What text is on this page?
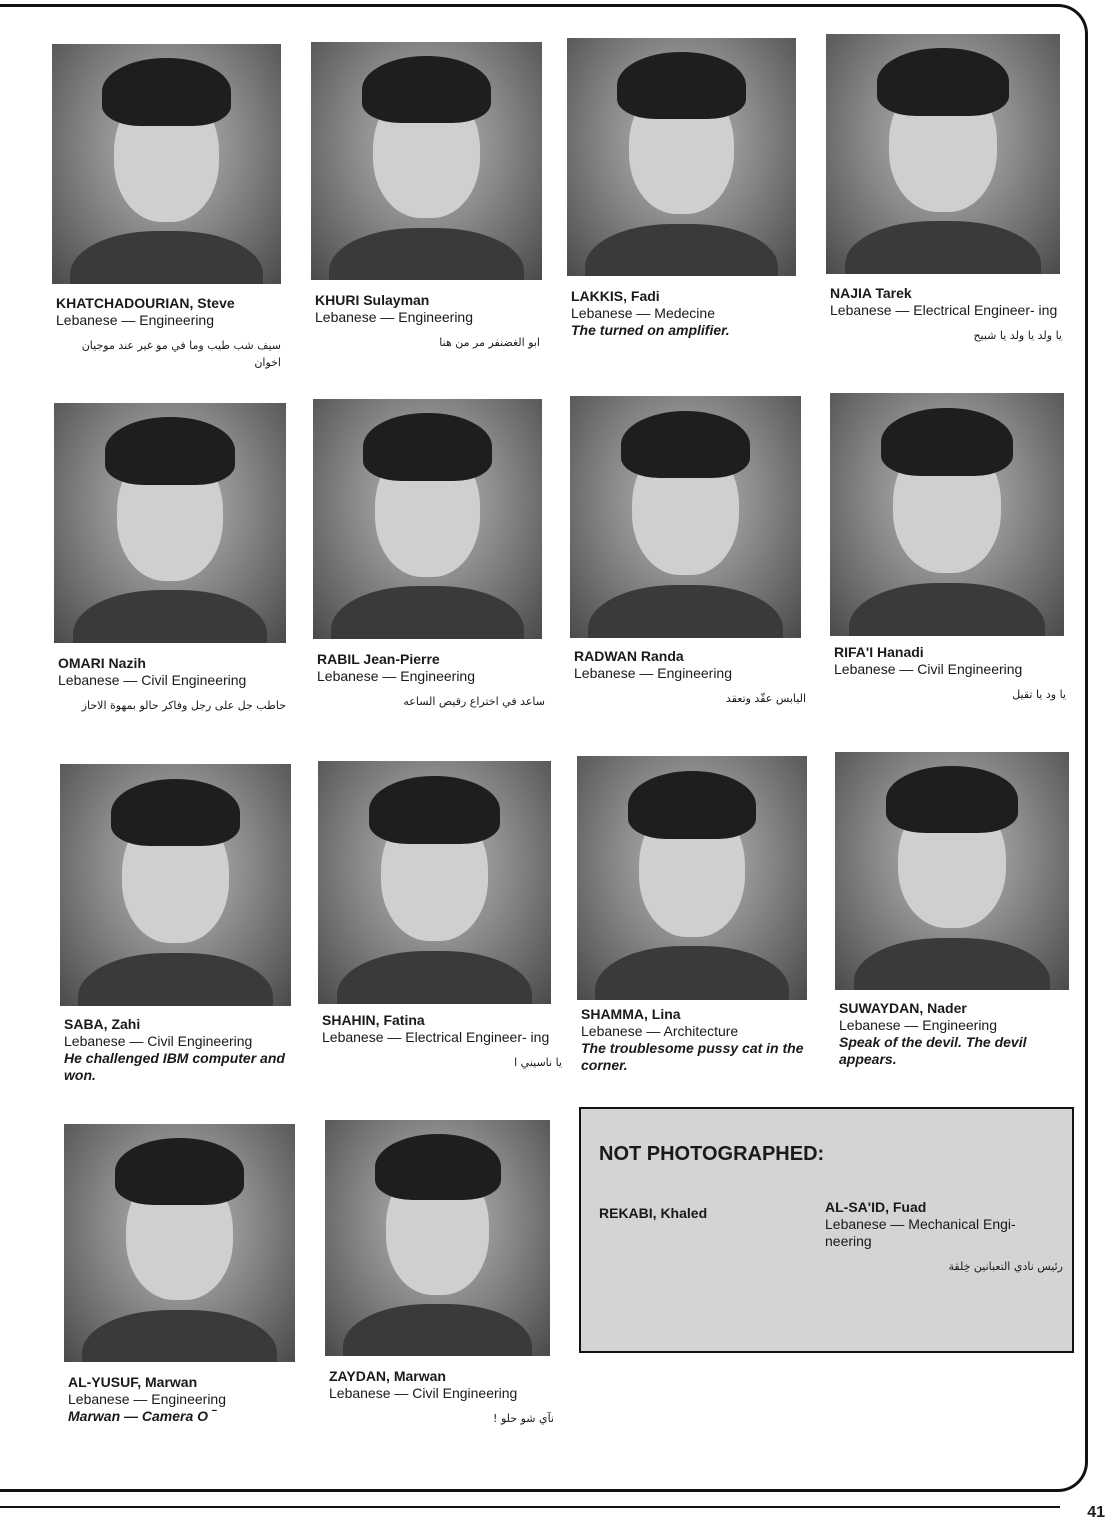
41
KHATCHADOURIAN, Steve
Lebanese — Engineering
سيف شب طيب وما في مو غير عند موجيان اخوان
KHURI Sulayman
Lebanese — Engineering
ابو الغضنفر مر من هنا
LAKKIS, Fadi
Lebanese — Medecine
The turned on amplifier.
NAJIA Tarek
Lebanese — Electrical Engineer- ing
يا ولد يا ولد يا شبيح
OMARI Nazih
Lebanese — Civil Engineering
حاطب جل على رجل وفاكر حالو بمهوة الاحاز
RABIL Jean-Pierre
Lebanese — Engineering
ساعد في اختراع رقيص الساعه
RADWAN Randa
Lebanese — Engineering
اليابس عقّد وتعقد
RIFA'I Hanadi
Lebanese — Civil Engineering
يا ود يا تقيل
SABA, Zahi
Lebanese — Civil Engineering
He challenged IBM computer and won.
SHAHIN, Fatina
Lebanese — Electrical Engineer- ing
يا ناسيني ا
SHAMMA, Lina
Lebanese — Architecture
The troublesome pussy cat in the corner.
SUWAYDAN, Nader
Lebanese — Engineering
Speak of the devil. The devil appears.
AL-YUSUF, Marwan
Lebanese — Engineering
Marwan — Camera O ‾
ZAYDAN, Marwan
Lebanese — Civil Engineering
نآي شو حلو !
NOT PHOTOGRAPHED:
REKABI, Khaled	AL-SA'ID, Fuad
Lebanese — Mechanical Engi- neering
رئيس نادي التعبانين خِلقة
